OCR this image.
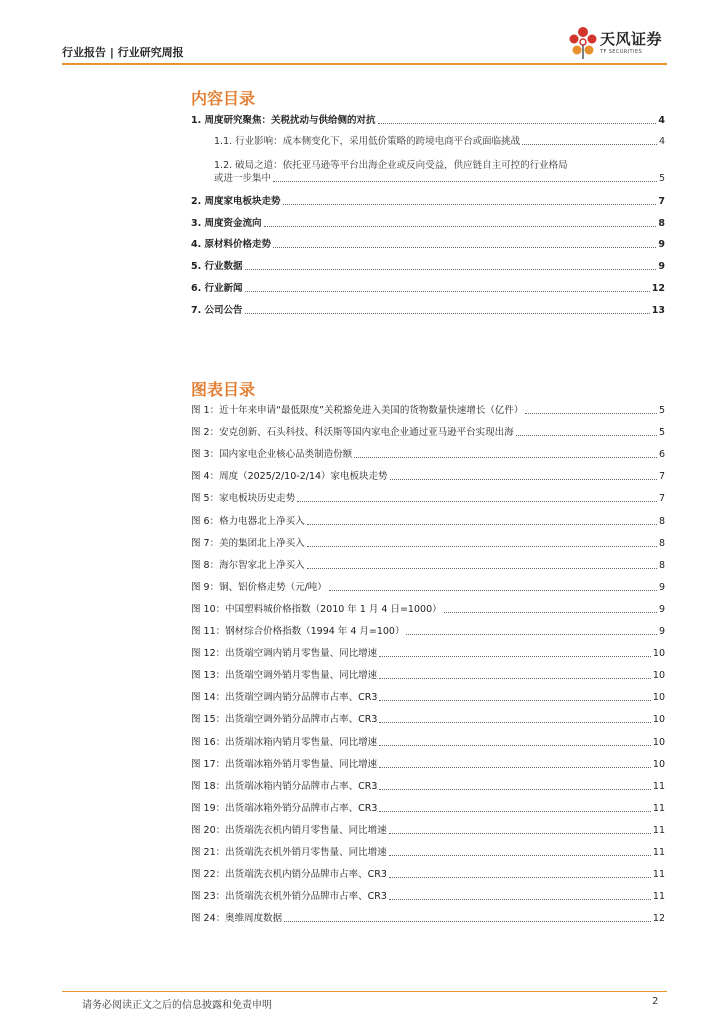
行业报告 | 行业研究周报
天风证券
TF SECURITIES
内容目录
1. 周度研究聚焦：关税扰动与供给侧的对抗	4
1.1. 行业影响：成本侧变化下，采用低价策略的跨境电商平台或面临挑战	4
1.2. 破局之道：依托亚马逊等平台出海企业或反向受益，供应链自主可控的行业格局
或进一步集中	5
2. 周度家电板块走势	7
3. 周度资金流向	8
4. 原材料价格走势	9
5. 行业数据	9
6. 行业新闻	12
7. 公司公告	13
图表目录
图 1：近十年来申请“最低限度”关税豁免进入美国的货物数量快速增长（亿件）	5
图 2：安克创新、石头科技、科沃斯等国内家电企业通过亚马逊平台实现出海	5
图 3：国内家电企业核心品类制造份额	6
图 4：周度（2025/2/10-2/14）家电板块走势	7
图 5：家电板块历史走势	7
图 6：格力电器北上净买入	8
图 7：美的集团北上净买入	8
图 8：海尔智家北上净买入	8
图 9：铜、铝价格走势（元/吨）	9
图 10：中国塑料城价格指数（2010 年 1 月 4 日=1000）	9
图 11：钢材综合价格指数（1994 年 4 月=100）	9
图 12：出货端空调内销月零售量、同比增速	10
图 13：出货端空调外销月零售量、同比增速	10
图 14：出货端空调内销分品牌市占率、CR3	10
图 15：出货端空调外销分品牌市占率、CR3	10
图 16：出货端冰箱内销月零售量、同比增速	10
图 17：出货端冰箱外销月零售量、同比增速	10
图 18：出货端冰箱内销分品牌市占率、CR3	11
图 19：出货端冰箱外销分品牌市占率、CR3	11
图 20：出货端洗衣机内销月零售量、同比增速	11
图 21：出货端洗衣机外销月零售量、同比增速	11
图 22：出货端洗衣机内销分品牌市占率、CR3	11
图 23：出货端洗衣机外销分品牌市占率、CR3	11
图 24：奥维周度数据	12
请务必阅读正文之后的信息披露和免责申明	2
